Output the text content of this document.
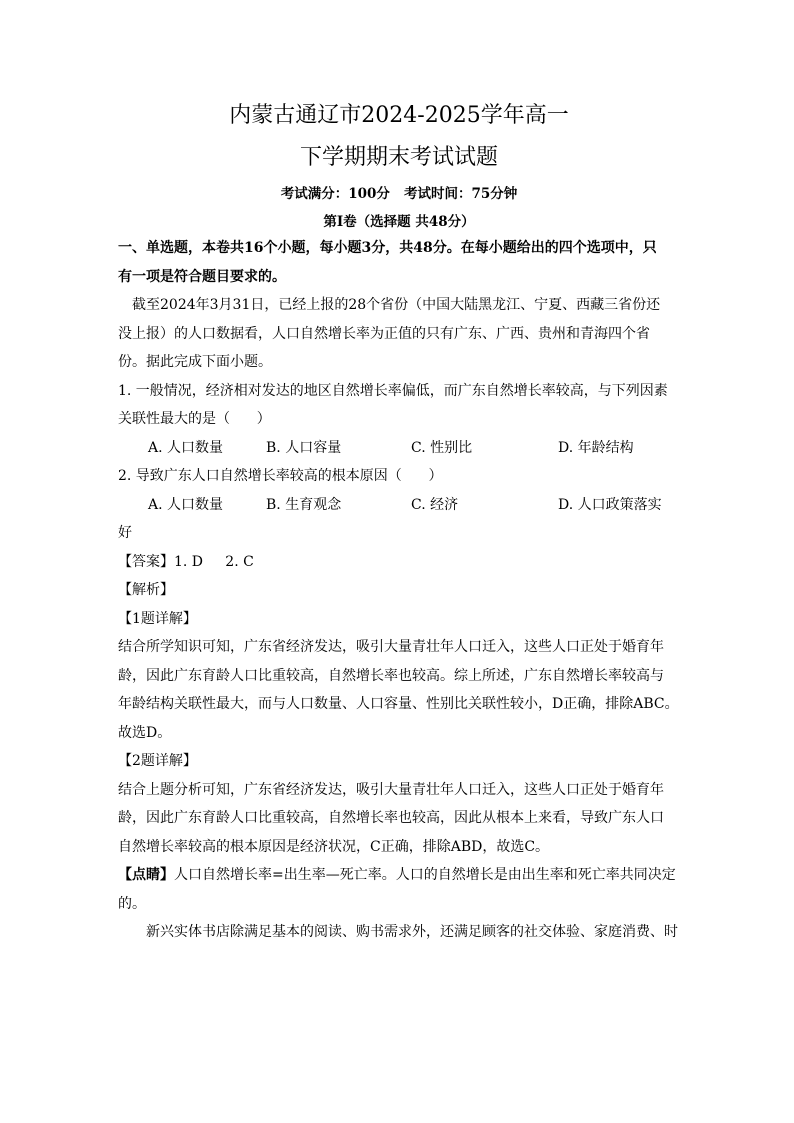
内蒙古通辽市2024-2025学年高一
下学期期末考试试题
考试满分：100分   考试时间：75分钟
第Ⅰ卷（选择题 共48分）

一、单选题，本卷共16个小题，每小题3分，共48分。在每小题给出的四个选项中，只

有一项是符合题目要求的。

截至2024年3月31日，已经上报的28个省份（中国大陆黑龙江、宁夏、西藏三省份还

没上报）的人口数据看，人口自然增长率为正值的只有广东、广西、贵州和青海四个省

份。据此完成下面小题。

1. 一般情况，经济相对发达的地区自然增长率偏低，而广东自然增长率较高，与下列因素

关联性最大的是（      ）

A. 人口数量	B. 人口容量	C. 性别比	D. 年龄结构

2. 导致广东人口自然增长率较高的根本原因（      ）

A. 人口数量	B. 生育观念	C. 经济	D. 人口政策落实

好

【答案】1. D     2. C

【解析】

【1题详解】

结合所学知识可知，广东省经济发达，吸引大量青壮年人口迁入，这些人口正处于婚育年

龄，因此广东育龄人口比重较高，自然增长率也较高。综上所述，广东自然增长率较高与

年龄结构关联性最大，而与人口数量、人口容量、性别比关联性较小，D正确，排除ABC。

故选D。

【2题详解】

结合上题分析可知，广东省经济发达，吸引大量青壮年人口迁入，这些人口正处于婚育年

龄，因此广东育龄人口比重较高，自然增长率也较高，因此从根本上来看，导致广东人口

自然增长率较高的根本原因是经济状况，C正确，排除ABD，故选C。

【点睛】人口自然增长率=出生率—死亡率。人口的自然增长是由出生率和死亡率共同决定

的。

新兴实体书店除满足基本的阅读、购书需求外，还满足顾客的社交体验、家庭消费、时
